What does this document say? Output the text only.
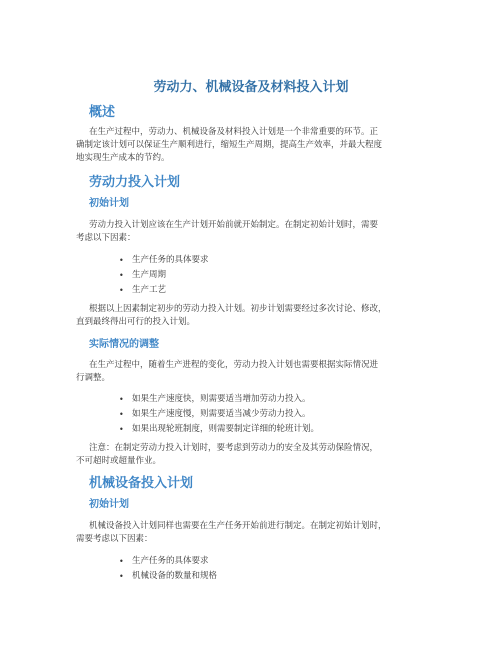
劳动力、机械设备及材料投入计划
概述

在生产过程中，劳动力、机械设备及材料投入计划是一个非常重要的环节。正
确制定该计划可以保证生产顺利进行，缩短生产周期，提高生产效率，并最大程度
地实现生产成本的节约。

劳动力投入计划
初始计划

劳动力投入计划应该在生产计划开始前就开始制定。在制定初始计划时，需要
考虑以下因素：

• 生产任务的具体要求
• 生产周期
• 生产工艺

根据以上因素制定初步的劳动力投入计划。初步计划需要经过多次讨论、修改，
直到最终得出可行的投入计划。

实际情况的调整

在生产过程中，随着生产进程的变化，劳动力投入计划也需要根据实际情况进
行调整。

• 如果生产速度快，则需要适当增加劳动力投入。
• 如果生产速度慢，则需要适当减少劳动力投入。
• 如果出现轮班制度，则需要制定详细的轮班计划。

注意：在制定劳动力投入计划时，要考虑到劳动力的安全及其劳动保险情况，
不可超时或超量作业。

机械设备投入计划
初始计划

机械设备投入计划同样也需要在生产任务开始前进行制定。在制定初始计划时，
需要考虑以下因素：

• 生产任务的具体要求
• 机械设备的数量和规格
